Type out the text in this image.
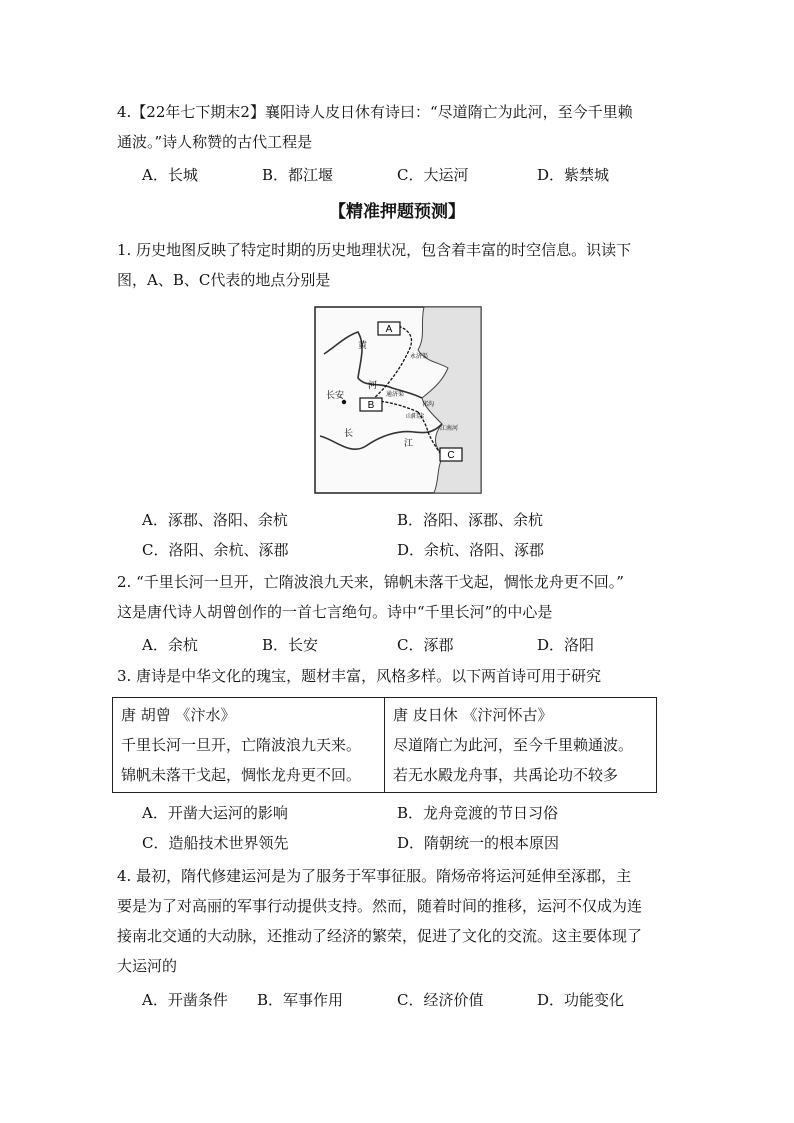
4.【22年七下期末2】襄阳诗人皮日休有诗曰：“尽道隋亡为此河，至今千里赖
通波。”诗人称赞的古代工程是
A．长城	B．都江堰	C．大运河	D．紫禁城
【精准押题预测】
1. 历史地图反映了特定时期的历史地理状况，包含着丰富的时空信息。识读下
图，A、B、C代表的地点分别是
A
B
C
长安
黄
河
长
江
永济渠
通济渠
邗沟
江南河
山阳渎
A．涿郡、洛阳、余杭	B．洛阳、涿郡、余杭
C．洛阳、余杭、涿郡	D．余杭、洛阳、涿郡
2. “千里长河一旦开，亡隋波浪九天来，锦帆未落干戈起，惆怅龙舟更不回。”
这是唐代诗人胡曾创作的一首七言绝句。诗中“千里长河”的中心是
A．余杭	B．长安	C．涿郡	D．洛阳
3. 唐诗是中华文化的瑰宝，题材丰富，风格多样。以下两首诗可用于研究
唐 胡曾 《汴水》
千里长河一旦开，亡隋波浪九天来。
锦帆未落干戈起，惆怅龙舟更不回。

唐 皮日休 《汴河怀古》
尽道隋亡为此河，至今千里赖通波。
若无水殿龙舟事，共禹论功不较多
A．开凿大运河的影响	B．龙舟竞渡的节日习俗
C．造船技术世界领先	D．隋朝统一的根本原因
4. 最初，隋代修建运河是为了服务于军事征服。隋炀帝将运河延伸至涿郡，主
要是为了对高丽的军事行动提供支持。然而，随着时间的推移，运河不仅成为连
接南北交通的大动脉，还推动了经济的繁荣，促进了文化的交流。这主要体现了
大运河的
A．开凿条件 B．军事作用	C．经济价值	D．功能变化
